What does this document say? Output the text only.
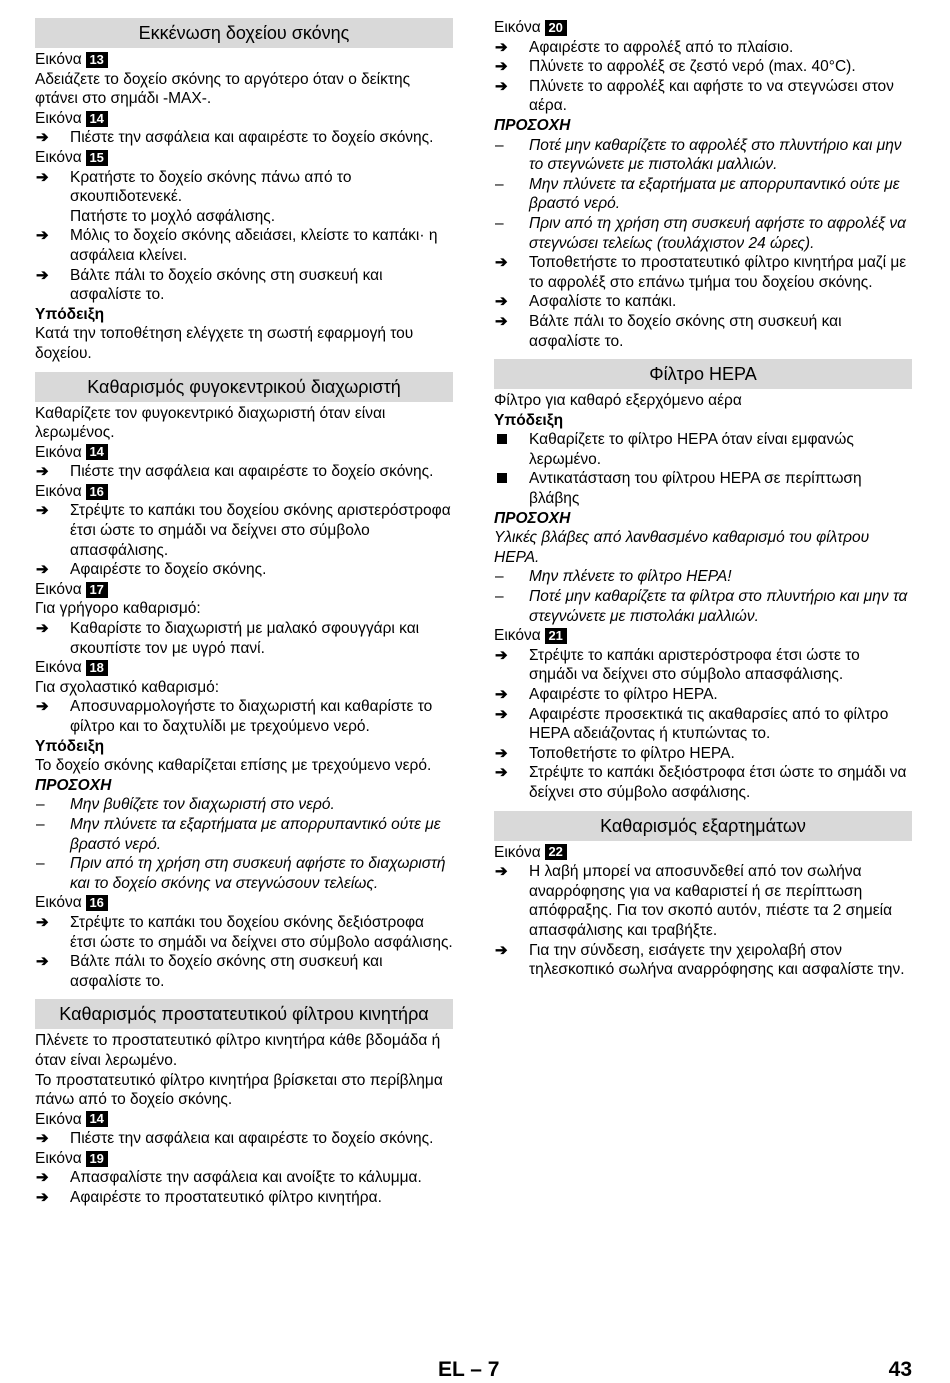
Εκκένωση δοχείου σκόνης
Εικόνα 13

Αδειάζετε το δοχείο σκόνης το αργότερο όταν ο δείκτης φτάνει στο σημάδι -MAX-.

Εικόνα 14
➔	Πιέστε την ασφάλεια και αφαιρέστε το δοχείο σκόνης.
Εικόνα 15
➔	Κρατήστε το δοχείο σκόνης πάνω από το σκουπιδοτενεκέ.
Πατήστε το μοχλό ασφάλισης.
➔	Μόλις το δοχείο σκόνης αδειάσει, κλείστε το καπάκι· η ασφάλεια κλείνει.
➔	Βάλτε πάλι το δοχείο σκόνης στη συσκευή και ασφαλίστε το.
Υπόδειξη

Κατά την τοποθέτηση ελέγχετε τη σωστή εφαρμογή του δοχείου.

Καθαρισμός φυγοκεντρικού διαχωριστή

Καθαρίζετε τον φυγοκεντρικό διαχωριστή όταν είναι λερωμένος.

Εικόνα 14
➔	Πιέστε την ασφάλεια και αφαιρέστε το δοχείο σκόνης.
Εικόνα 16
➔	Στρέψτε το καπάκι του δοχείου σκόνης αριστερόστροφα έτσι ώστε το σημάδι να δείχνει στο σύμβολο απασφάλισης.
➔	Αφαιρέστε το δοχείο σκόνης.
Εικόνα 17

Για γρήγορο καθαρισμό:

➔	Καθαρίστε το διαχωριστή με μαλακό σφουγγάρι και σκουπίστε τον με υγρό πανί.
Εικόνα 18

Για σχολαστικό καθαρισμό:

➔	Αποσυναρμολογήστε το διαχωριστή και καθαρίστε το φίλτρο και το δαχτυλίδι με τρεχούμενο νερό.
Υπόδειξη

Το δοχείο σκόνης καθαρίζεται επίσης με τρεχούμενο νερό.

ΠΡΟΣΟΧΗ
–	Μην βυθίζετε τον διαχωριστή στο νερό.
–	Μην πλύνετε τα εξαρτήματα με απορρυπαντικό ούτε με βραστό νερό.
–	Πριν από τη χρήση στη συσκευή αφήστε το διαχωριστή και το δοχείο σκόνης να στεγνώσουν τελείως.
Εικόνα 16
➔	Στρέψτε το καπάκι του δοχείου σκόνης δεξιόστροφα έτσι ώστε το σημάδι να δείχνει στο σύμβολο ασφάλισης.
➔	Βάλτε πάλι το δοχείο σκόνης στη συσκευή και ασφαλίστε το.
Καθαρισμός προστατευτικού φίλτρου κινητήρα

Πλένετε το προστατευτικό φίλτρο κινητήρα κάθε βδομάδα ή όταν είναι λερωμένο.

Το προστατευτικό φίλτρο κινητήρα βρίσκεται στο περίβλημα πάνω από το δοχείο σκόνης.

Εικόνα 14
➔	Πιέστε την ασφάλεια και αφαιρέστε το δοχείο σκόνης.
Εικόνα 19
➔	Απασφαλίστε την ασφάλεια και ανοίξτε το κάλυμμα.
➔	Αφαιρέστε το προστατευτικό φίλτρο κινητήρα.
Εικόνα 20
➔	Αφαιρέστε το αφρολέξ από το πλαίσιο.
➔	Πλύνετε το αφρολέξ σε ζεστό νερό (max. 40°C).
➔	Πλύνετε το αφρολέξ και αφήστε το να στεγνώσει στον αέρα.
ΠΡΟΣΟΧΗ
–	Ποτέ μην καθαρίζετε το αφρολέξ στο πλυντήριο και μην το στεγνώνετε με πιστολάκι μαλλιών.
–	Μην πλύνετε τα εξαρτήματα με απορρυπαντικό ούτε με βραστό νερό.
–	Πριν από τη χρήση στη συσκευή αφήστε το αφρολέξ να στεγνώσει τελείως (τουλάχιστον 24 ώρες).
➔	Τοποθετήστε το προστατευτικό φίλτρο κινητήρα μαζί με το αφρολέξ στο επάνω τμήμα του δοχείου σκόνης.
➔	Ασφαλίστε το καπάκι.
➔	Βάλτε πάλι το δοχείο σκόνης στη συσκευή και ασφαλίστε το.
Φίλτρο HEPA

Φίλτρο για καθαρό εξερχόμενο αέρα

Υπόδειξη
Καθαρίζετε το φίλτρο HEPA όταν είναι εμφανώς λερωμένο.
Αντικατάσταση του φίλτρου HEPA σε περίπτωση βλάβης
ΠΡΟΣΟΧΗ

Υλικές βλάβες από λανθασμένο καθαρισμό του φίλτρου HEPA.

–	Μην πλένετε το φίλτρο HEPA!
–	Ποτέ μην καθαρίζετε τα φίλτρα στο πλυντήριο και μην τα στεγνώνετε με πιστολάκι μαλλιών.
Εικόνα 21
➔	Στρέψτε το καπάκι αριστερόστροφα έτσι ώστε το σημάδι να δείχνει στο σύμβολο απασφάλισης.
➔	Αφαιρέστε το φίλτρο HEPA.
➔	Αφαιρέστε προσεκτικά τις ακαθαρσίες από το φίλτρο HEPA αδειάζοντας ή κτυπώντας το.
➔	Τοποθετήστε το φίλτρο HEPA.
➔	Στρέψτε το καπάκι δεξιόστροφα έτσι ώστε το σημάδι να δείχνει στο σύμβολο ασφάλισης.
Καθαρισμός εξαρτημάτων
Εικόνα 22
➔	Η λαβή μπορεί να αποσυνδεθεί από τον σωλήνα αναρρόφησης για να καθαριστεί ή σε περίπτωση απόφραξης. Για τον σκοπό αυτόν, πιέστε τα 2 σημεία απασφάλισης και τραβήξτε.
➔	Για την σύνδεση, εισάγετε την χειρολαβή στον τηλεσκοπικό σωλήνα αναρρόφησης και ασφαλίστε την.
EL – 7	43
